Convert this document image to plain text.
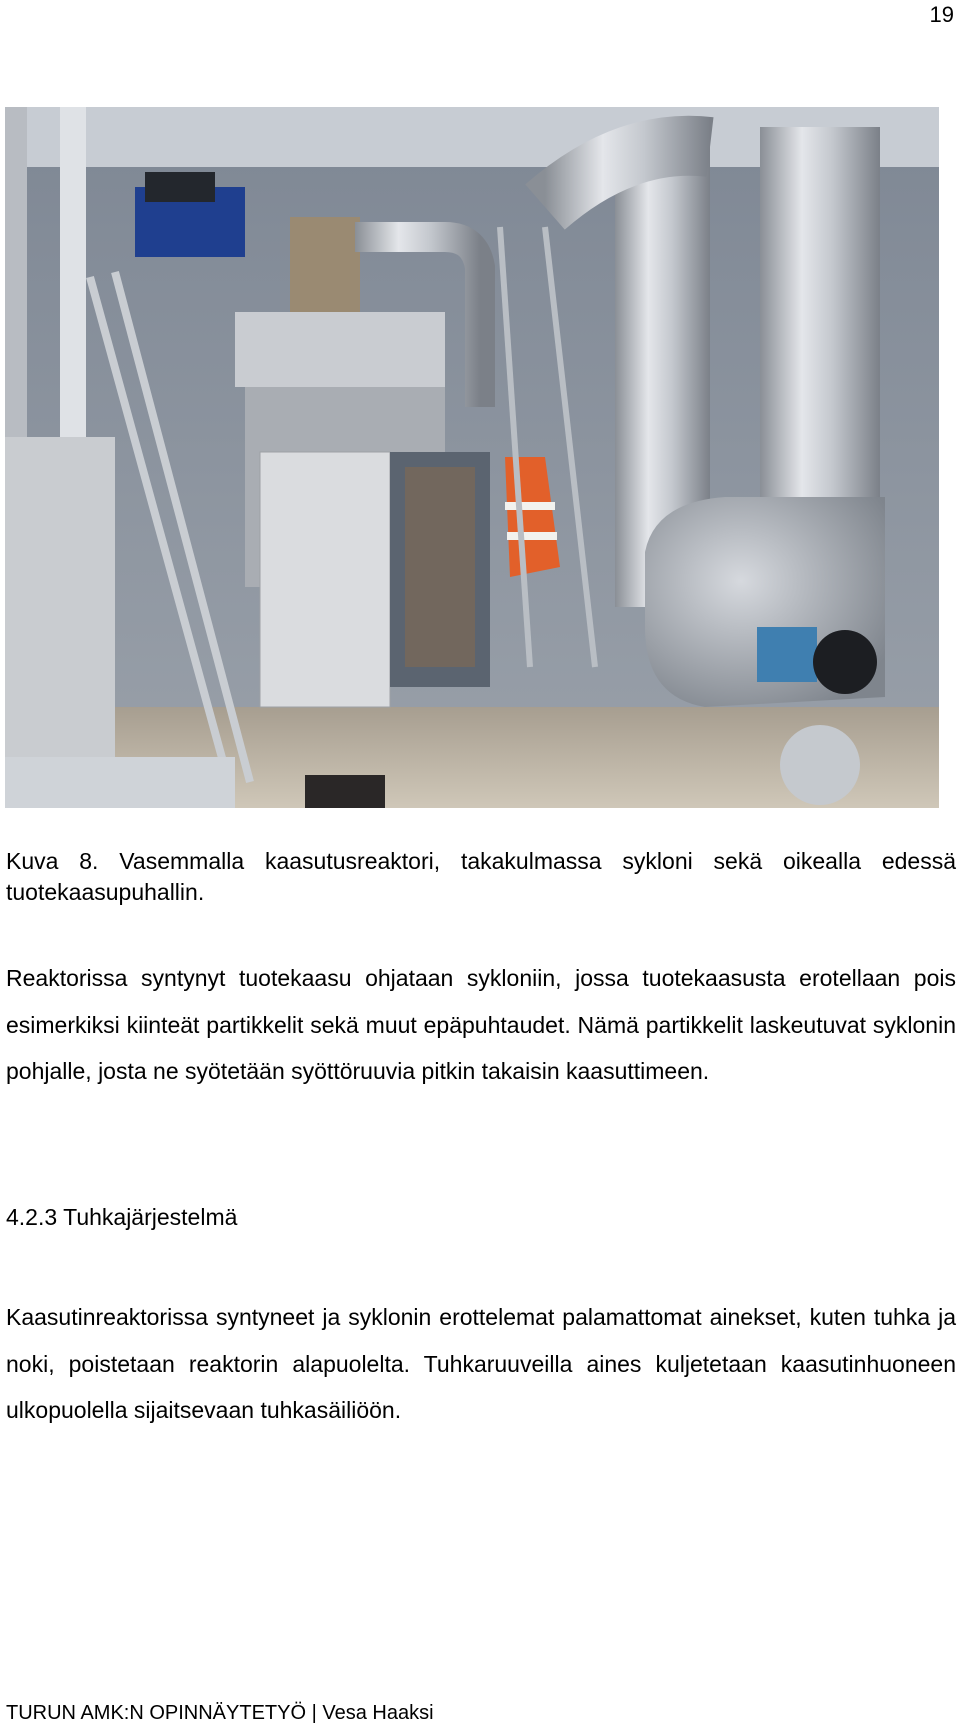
19
Kuva 8. Vasemmalla kaasutusreaktori, takakulmassa sykloni sekä oikealla edessä tuotekaasupuhallin.

Reaktorissa syntynyt tuotekaasu ohjataan sykloniin, jossa tuotekaasusta erotellaan pois esimerkiksi kiinteät partikkelit sekä muut epäpuhtaudet. Nämä partikkelit laskeutuvat syklonin pohjalle, josta ne syötetään syöttöruuvia pitkin takaisin kaasuttimeen.

4.2.3 Tuhkajärjestelmä

Kaasutinreaktorissa syntyneet ja syklonin erottelemat palamattomat ainekset, kuten tuhka ja noki, poistetaan reaktorin alapuolelta. Tuhkaruuveilla aines kuljetetaan kaasutinhuoneen ulkopuolella sijaitsevaan tuhkasäiliöön.

TURUN AMK:N OPINNÄYTETYÖ | Vesa Haaksi
